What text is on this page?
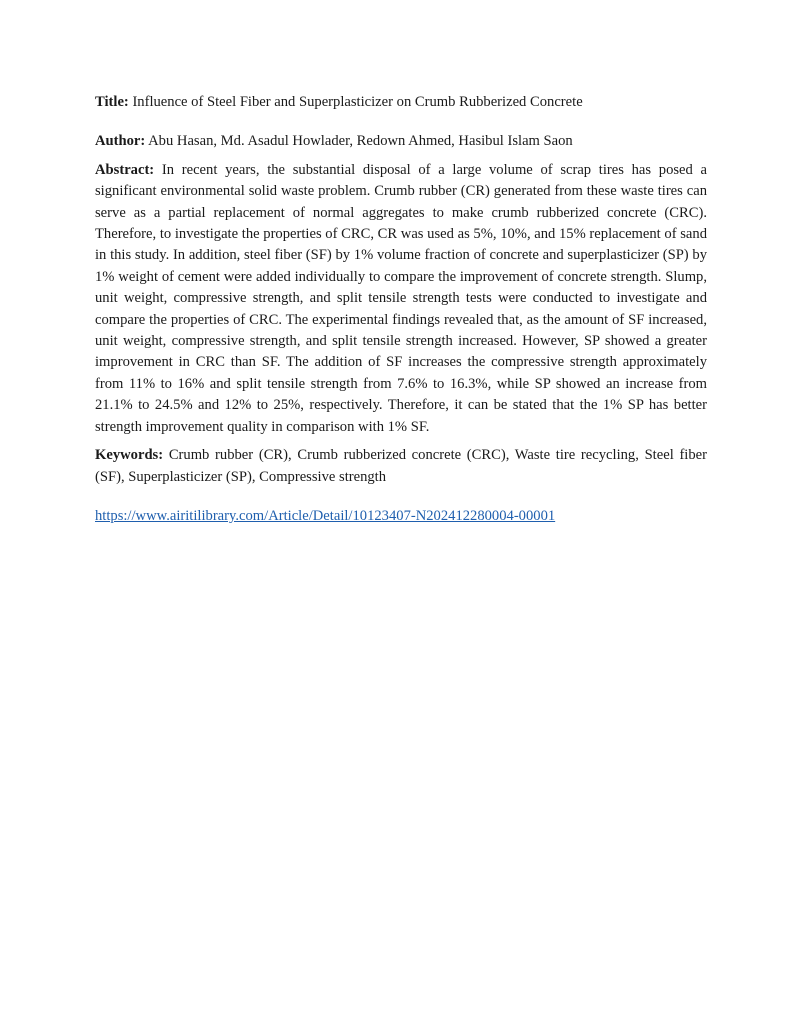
Title: Influence of Steel Fiber and Superplasticizer on Crumb Rubberized Concrete

Author: Abu Hasan, Md. Asadul Howlader, Redown Ahmed, Hasibul Islam Saon

Abstract: In recent years, the substantial disposal of a large volume of scrap tires has posed a significant environmental solid waste problem. Crumb rubber (CR) generated from these waste tires can serve as a partial replacement of normal aggregates to make crumb rubberized concrete (CRC). Therefore, to investigate the properties of CRC, CR was used as 5%, 10%, and 15% replacement of sand in this study. In addition, steel fiber (SF) by 1% volume fraction of concrete and superplasticizer (SP) by 1% weight of cement were added individually to compare the improvement of concrete strength. Slump, unit weight, compressive strength, and split tensile strength tests were conducted to investigate and compare the properties of CRC. The experimental findings revealed that, as the amount of SF increased, unit weight, compressive strength, and split tensile strength increased. However, SP showed a greater improvement in CRC than SF. The addition of SF increases the compressive strength approximately from 11% to 16% and split tensile strength from 7.6% to 16.3%, while SP showed an increase from 21.1% to 24.5% and 12% to 25%, respectively. Therefore, it can be stated that the 1% SP has better strength improvement quality in comparison with 1% SF.

Keywords: Crumb rubber (CR), Crumb rubberized concrete (CRC), Waste tire recycling, Steel fiber (SF), Superplasticizer (SP), Compressive strength

https://www.airitilibrary.com/Article/Detail/10123407-N202412280004-00001
